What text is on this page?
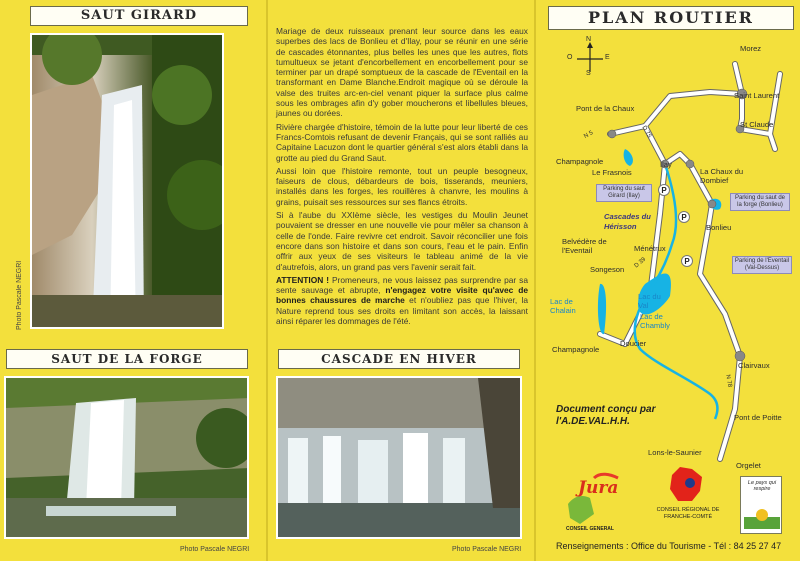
SAUT GIRARD
Photo Pascale NEGRI
SAUT DE LA FORGE
Photo Pascale NEGRI

Mariage de deux ruisseaux prenant leur source dans les eaux superbes des lacs de Bonlieu et d'Ilay, pour se réunir en une série de cascades étonnantes, plus belles les unes que les autres, flots tumultueux se jetant d'encorbellement en encorbellement pour se terminer par un drapé somptueux de la cascade de l'Eventail en la transformant en Dame Blanche.Endroit magique où se déroule la valse des truites arc-en-ciel venant piquer la surface plus calme sous les ombrages afin d'y gober moucherons et libellules bleues, jaunes ou dorées.

Rivière chargée d'histoire, témoin de la lutte pour leur liberté de ces Francs-Comtois refusant de devenir Français, qui se sont ralliés au Capitaine Lacuzon dont le quartier général s'est alors établi dans la grotte au pied du Grand Saut.

Aussi loin que l'histoire remonte, tout un peuple besogneux, faiseurs de clous, débardeurs de bois, tisserands, meuniers, installés dans les forges, les rouillères à chanvre, les moulins à grains, puisait ses ressources sur ses flancs étroits.

Si à l'aube du XXIème siècle, les vestiges du Moulin Jeunet pouvaient se dresser en une nouvelle vie pour mêler sa chanson à celle de l'onde. Faire revivre cet endroit. Savoir réconcilier une fois encore dans son histoire et dans son cours, l'eau et le pain. Enfin offrir aux yeux de ses visiteurs le tableau animé de la vie d'autrefois, alors, un grand pas vers l'avenir serait fait.

ATTENTION ! Promeneurs, ne vous laissez pas surprendre par sa sente sauvage et abrupte, n'engagez votre visite qu'avec de bonnes chaussures de marche et n'oubliez pas que l'hiver, la Nature reprend tous ses droits en limitant son accès, la laissant ainsi réparer les dommages de l'été.

CASCADE EN HIVER
Photo Pascale NEGRI
PLAN ROUTIER
N
S
E
O
Morez
Saint Laurent
St Claude
Pont de la Chaux
Champagnole
Le Frasnois
Ilay
La Chaux du Dombief
Bonlieu
Belvédère de l'Eventail	Ménétrux
Songeson
Doucier
Champagnole
Clairvaux
Pont de Poitte
Lons-le-Saunier
Orgelet
N 5	D 75
D 39
N 78
Lac de Chalain
Lac du Val
Lac de Chambly
Cascades du Hérisson
Parking du saut Girard (Ilay)	Parking du saut de la forge (Bonlieu)
Parking de l'Eventail (Val-Dessus)
P
P
P
Document conçu par l'A.DE.VAL.H.H.
Jura
CONSEIL GENERAL
CONSEIL RÉGIONAL DE FRANCHE-COMTÉ
Le pays qui respire
Renseignements : Office du Tourisme - Tél : 84 25 27 47
